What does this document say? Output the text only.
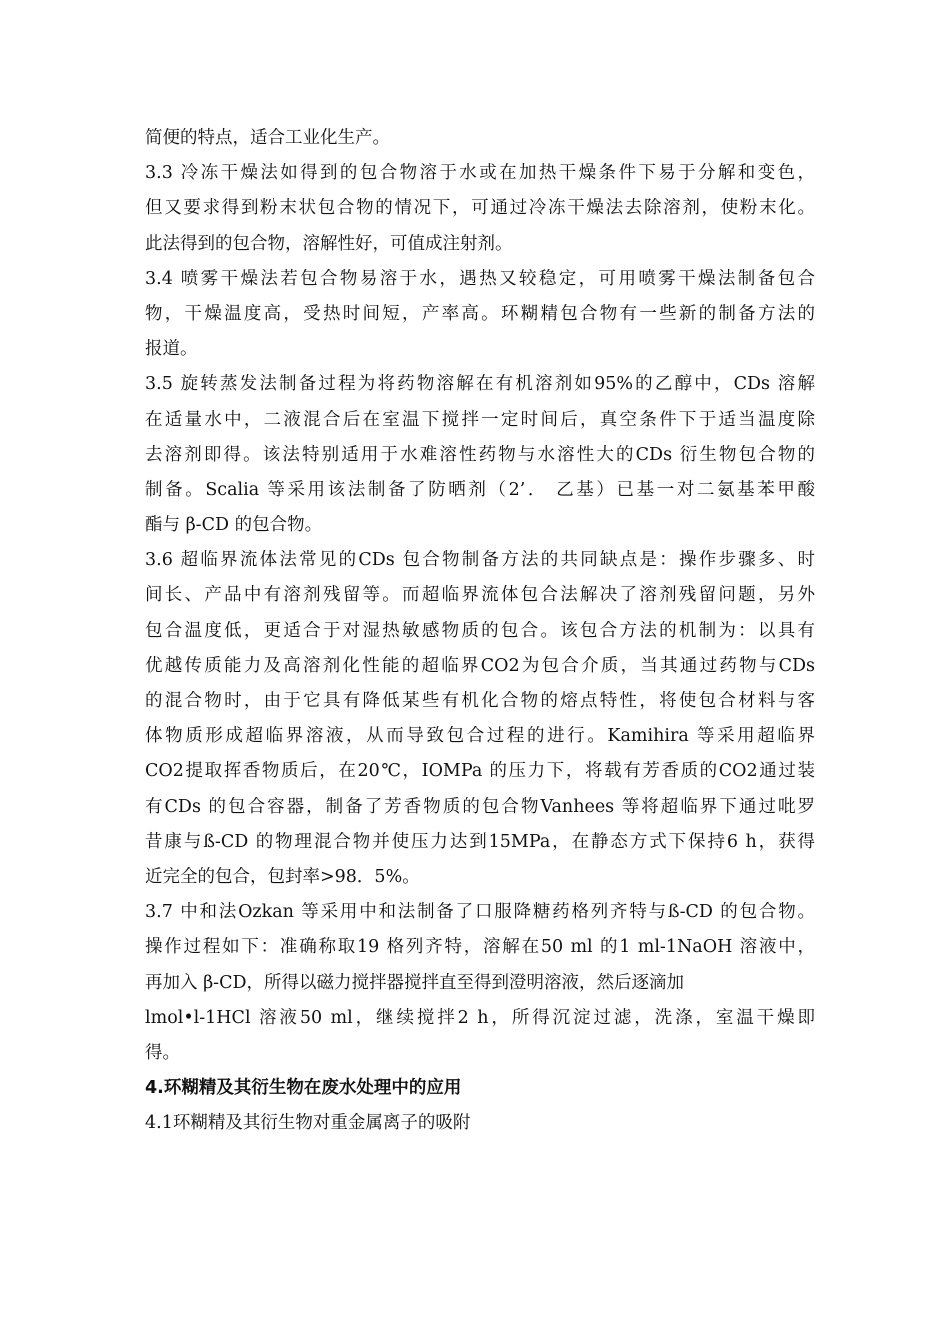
简便的特点，适合工业化生产。
3.3 冷冻干燥法如得到的包合物溶于水或在加热干燥条件下易于分解和变色，
但又要求得到粉末状包合物的情况下，可通过冷冻干燥法去除溶剂，使粉末化。
此法得到的包合物，溶解性好，可值成注射剂。
3.4 喷雾干燥法若包合物易溶于水，遇热又较稳定，可用喷雾干燥法制备包合
物，干燥温度高，受热时间短，产率高。环糊精包合物有一些新的制备方法的
报道。
3.5 旋转蒸发法制备过程为将药物溶解在有机溶剂如95%的乙醇中，CDs 溶解
在适量水中，二液混合后在室温下搅拌一定时间后，真空条件下于适当温度除
去溶剂即得。该法特别适用于水难溶性药物与水溶性大的CDs 衍生物包合物的
制备。Scalia 等采用该法制备了防晒剂（2’． 乙基）已基一对二氨基苯甲酸
酯与 β-CD 的包合物。
3.6 超临界流体法常见的CDs 包合物制备方法的共同缺点是：操作步骤多、时
间长、产品中有溶剂残留等。而超临界流体包合法解决了溶剂残留问题，另外
包合温度低，更适合于对湿热敏感物质的包合。该包合方法的机制为：以具有
优越传质能力及高溶剂化性能的超临界CO2为包合介质，当其通过药物与CDs
的混合物时，由于它具有降低某些有机化合物的熔点特性，将使包合材料与客
体物质形成超临界溶液，从而导致包合过程的进行。Kamihira 等采用超临界
CO2提取挥香物质后，在20℃，IOMPa 的压力下，将载有芳香质的CO2通过装
有CDs 的包合容器，制备了芳香物质的包合物Vanhees 等将超临界下通过吡罗
昔康与ß-CD 的物理混合物并使压力达到15MPa，在静态方式下保持6 h，获得
近完全的包合，包封率>98．5%。
3.7 中和法Ozkan 等采用中和法制备了口服降糖药格列齐特与ß-CD 的包合物。
操作过程如下：准确称取19 格列齐特，溶解在50 ml 的1 ml-1NaOH 溶液中，
再加入 β-CD，所得以磁力搅拌器搅拌直至得到澄明溶液，然后逐滴加
lmol•l-1HCl 溶液50 ml，继续搅拌2 h，所得沉淀过滤，洗涤，室温干燥即
得。
4.环糊精及其衍生物在废水处理中的应用
4.1环糊精及其衍生物对重金属离子的吸附
